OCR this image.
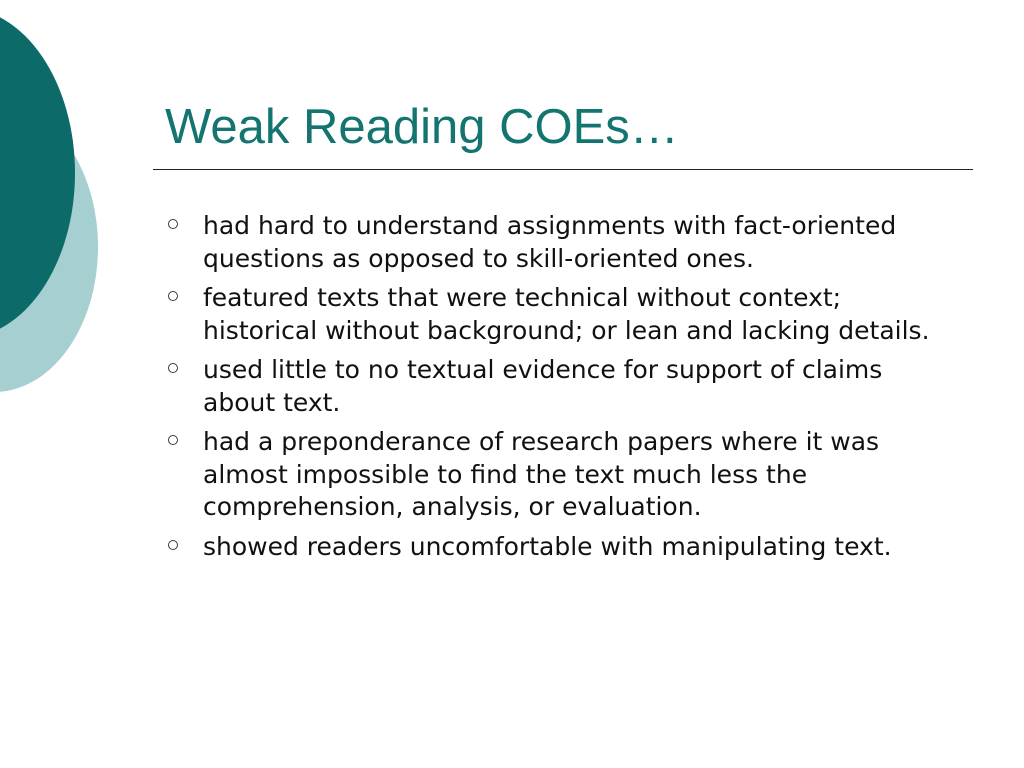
Weak Reading COEs…
had hard to understand assignments with fact-oriented questions as opposed to skill-oriented ones.
featured texts that were technical without context; historical without background; or lean and lacking details.
used little to no textual evidence for support of claims about text.
had a preponderance of research papers where it was almost impossible to find the text much less the comprehension, analysis, or evaluation.
showed readers uncomfortable with manipulating text.
